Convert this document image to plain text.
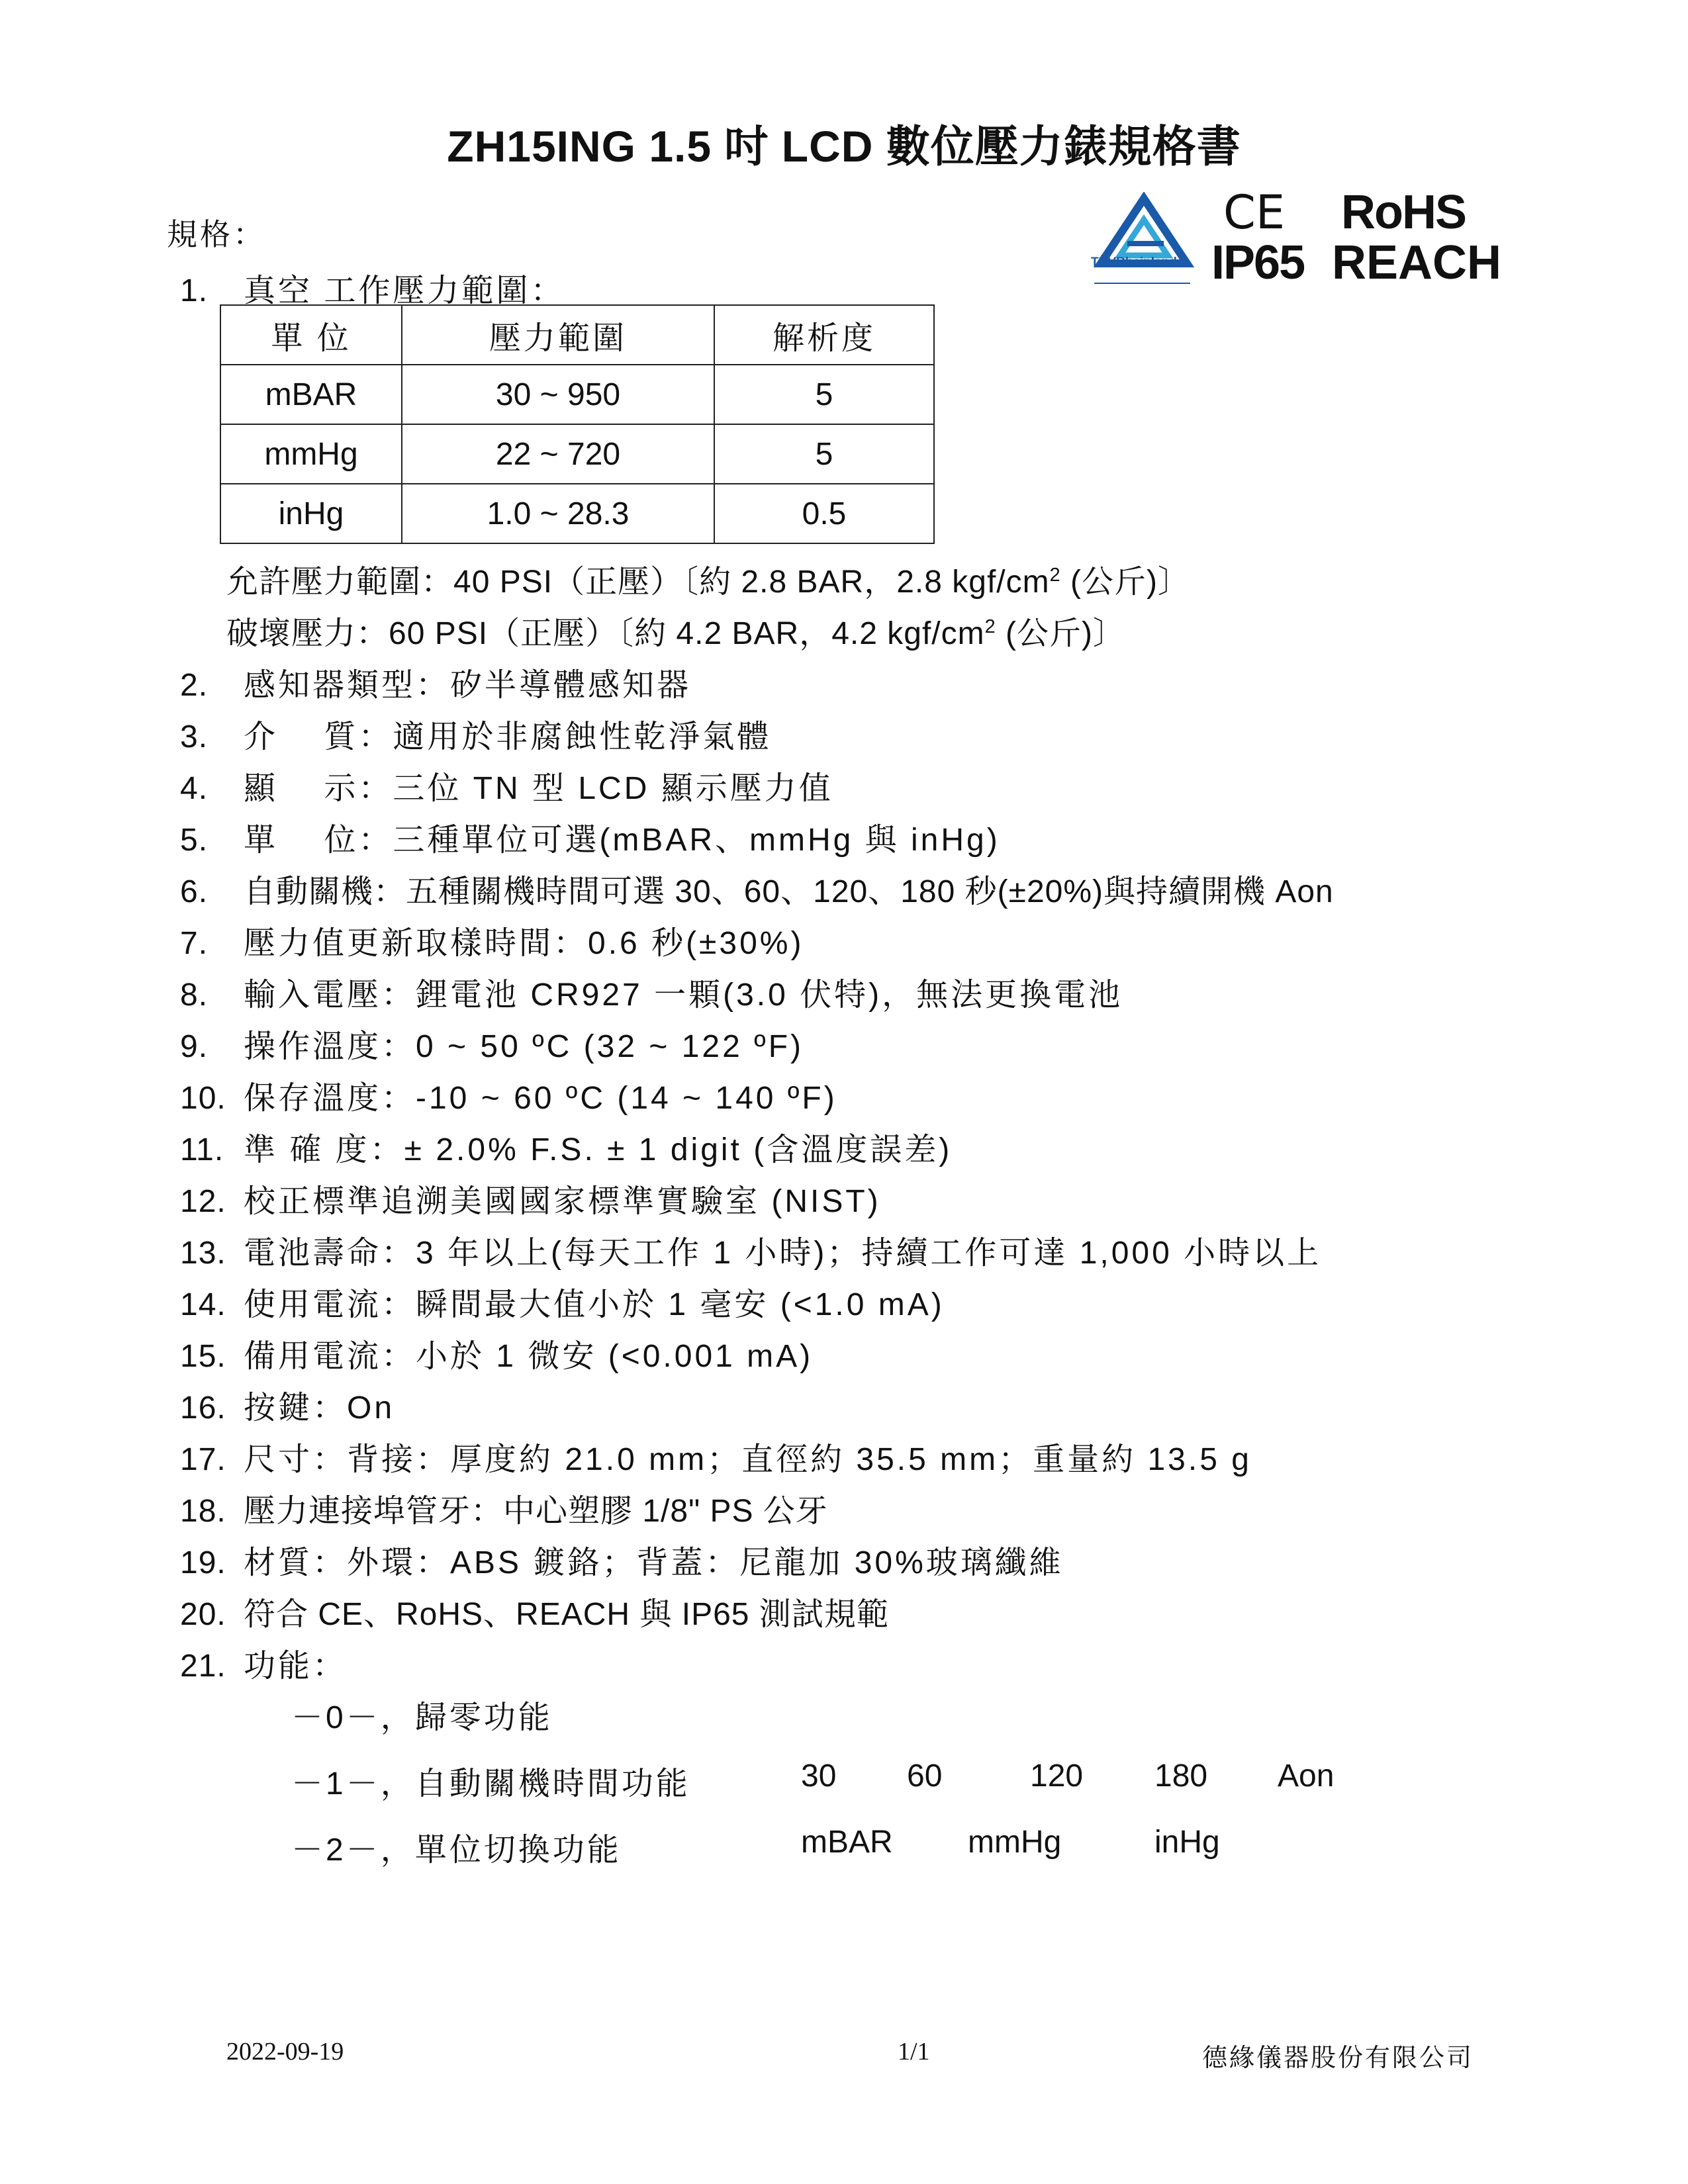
ZH15ING 1.5 吋 LCD 數位壓力錶規格書
TÜVRheinland
CE RoHS
IP65 REACH
規格：
1. 真空 工作壓力範圍：
單 位	壓力範圍	解析度
mBAR	30 ~ 950	5
mmHg	22 ~ 720	5
inHg	1.0 ~ 28.3	0.5
允許壓力範圍：40 PSI（正壓）〔約 2.8 BAR，2.8 kgf/$cm^2$ (公斤)〕
破壞壓力：60 PSI（正壓）〔約 4.2 BAR，4.2 kgf/$cm^2$ (公斤)〕
2. 感知器類型：矽半導體感知器
3. 介　 質：適用於非腐蝕性乾淨氣體
4. 顯　 示：三位 TN 型 LCD 顯示壓力值
5. 單　 位：三種單位可選(mBAR、mmHg 與 inHg)
6. 自動關機：五種關機時間可選 30、60、120、180 秒(±20%)與持續開機 Aon
7. 壓力值更新取樣時間：0.6 秒(±30%)
8. 輸入電壓：鋰電池 CR927 一顆(3.0 伏特)，無法更換電池
9. 操作溫度：0 ~ 50 ºC (32 ~ 122 ºF)
10. 保存溫度：-10 ~ 60 ºC (14 ~ 140 ºF)
11. 準 確 度：± 2.0% F.S. ± 1 digit (含溫度誤差)
12. 校正標準追溯美國國家標準實驗室 (NIST)
13. 電池壽命：3 年以上(每天工作 1 小時)；持續工作可達 1,000 小時以上
14. 使用電流：瞬間最大值小於 1 毫安 (<1.0 mA)
15. 備用電流：小於 1 微安 (<0.001 mA)
16. 按鍵：On
17. 尺寸：背接：厚度約 21.0 mm；直徑約 35.5 mm；重量約 13.5 g
18. 壓力連接埠管牙：中心塑膠 1/8" PS 公牙
19. 材質：外環：ABS 鍍鉻；背蓋：尼龍加 30%玻璃纖維
20. 符合 CE、RoHS、REACH 與 IP65 測試規範
21. 功能：
－0－，歸零功能
－1－，自動關機時間功能	30 60	120 180 Aon
－2－，單位切換功能	mBAR mmHg	inHg
2022-09-19	1/1	德緣儀器股份有限公司
